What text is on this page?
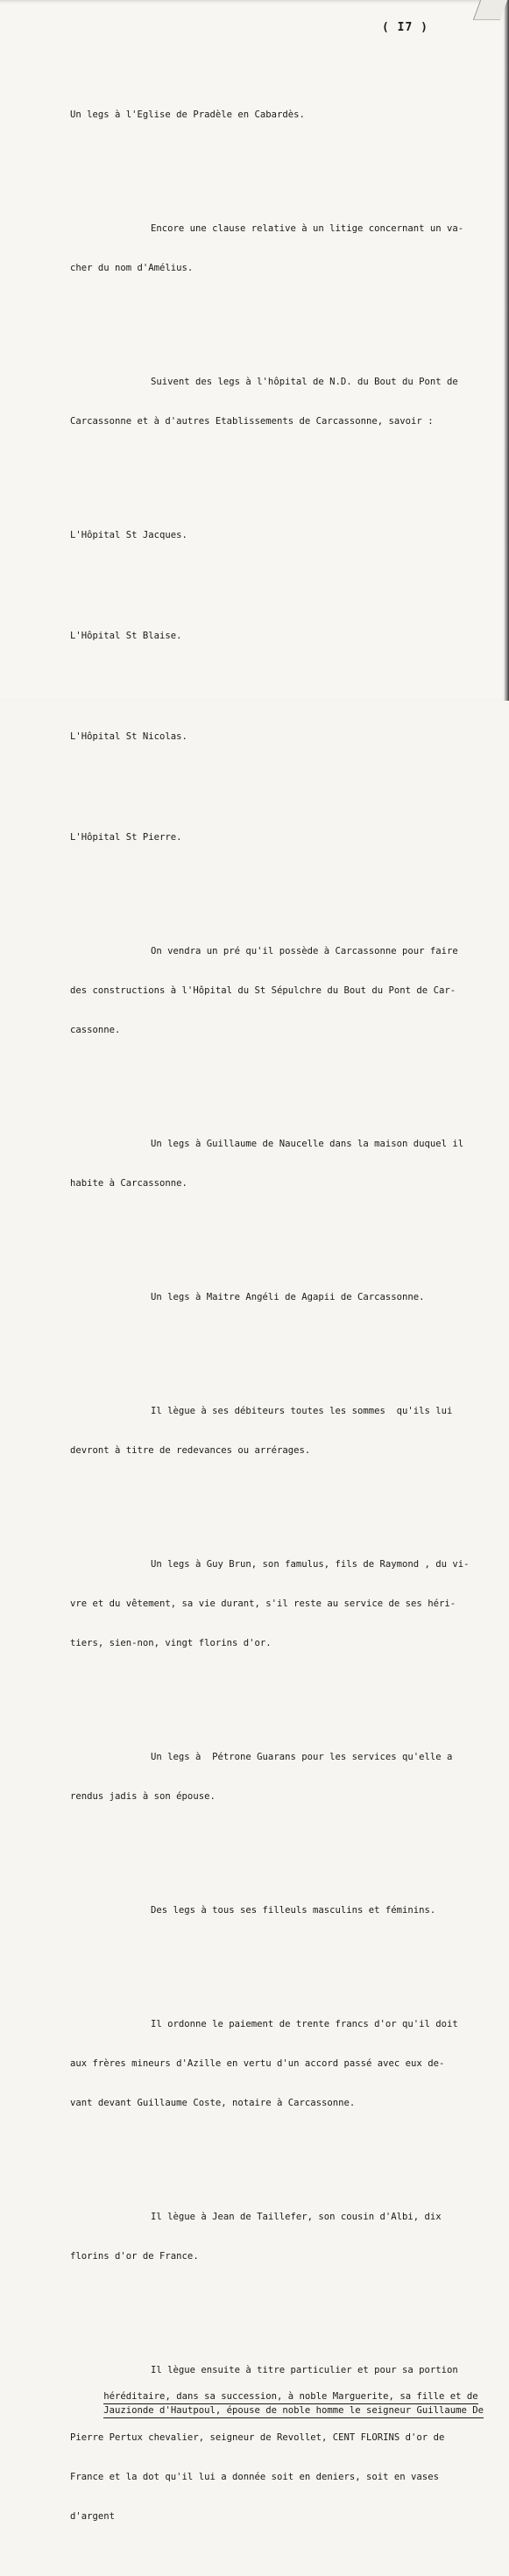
( I7 )

Un legs à l'Eglise de Pradèle en Cabardès.

Encore une clause relative à un litige concernant un va-

cher du nom d'Amélius.

Suivent des legs à l'hôpital de N.D. du Bout du Pont de

Carcassonne et à d'autres Etablissements de Carcassonne, savoir :

L'Hôpital St Jacques.

L'Hôpital St Blaise.

L'Hôpital St Nicolas.

L'Hôpital St Pierre.

On vendra un pré qu'il possède à Carcassonne pour faire

des constructions à l'Hôpital du St Sépulchre du Bout du Pont de Car-

cassonne.

Un legs à Guillaume de Naucelle dans la maison duquel il

habite à Carcassonne.

Un legs à Maitre Angéli de Agapii de Carcassonne.

Il lègue à ses débiteurs toutes les sommes  qu'ils lui

devront à titre de redevances ou arrérages.

Un legs à Guy Brun, son famulus, fils de Raymond , du vi-

vre et du vêtement, sa vie durant, s'il reste au service de ses héri-

tiers, sien-non, vingt florins d'or.

Un legs à  Pétrone Guarans pour les services qu'elle a

rendus jadis à son épouse.

Des legs à tous ses filleuls masculins et féminins.

Il ordonne le paiement de trente francs d'or qu'il doit

aux frères mineurs d'Azille en vertu d'un accord passé avec eux de-

vant devant Guillaume Coste, notaire à Carcassonne.

Il lègue à Jean de Taillefer, son cousin d'Albi, dix

florins d'or de France.

Il lègue ensuite à titre particulier et pour sa portion

héréditaire, dans sa succession, à noble Marguerite, sa fille et de
Jauzionde d'Hautpoul, épouse de noble homme le seigneur Guillaume De

Pierre Pertux chevalier, seigneur de Revollet, CENT FLORINS d'or de

France et la dot qu'il lui a donnée soit en deniers, soit en vases

d'argent
